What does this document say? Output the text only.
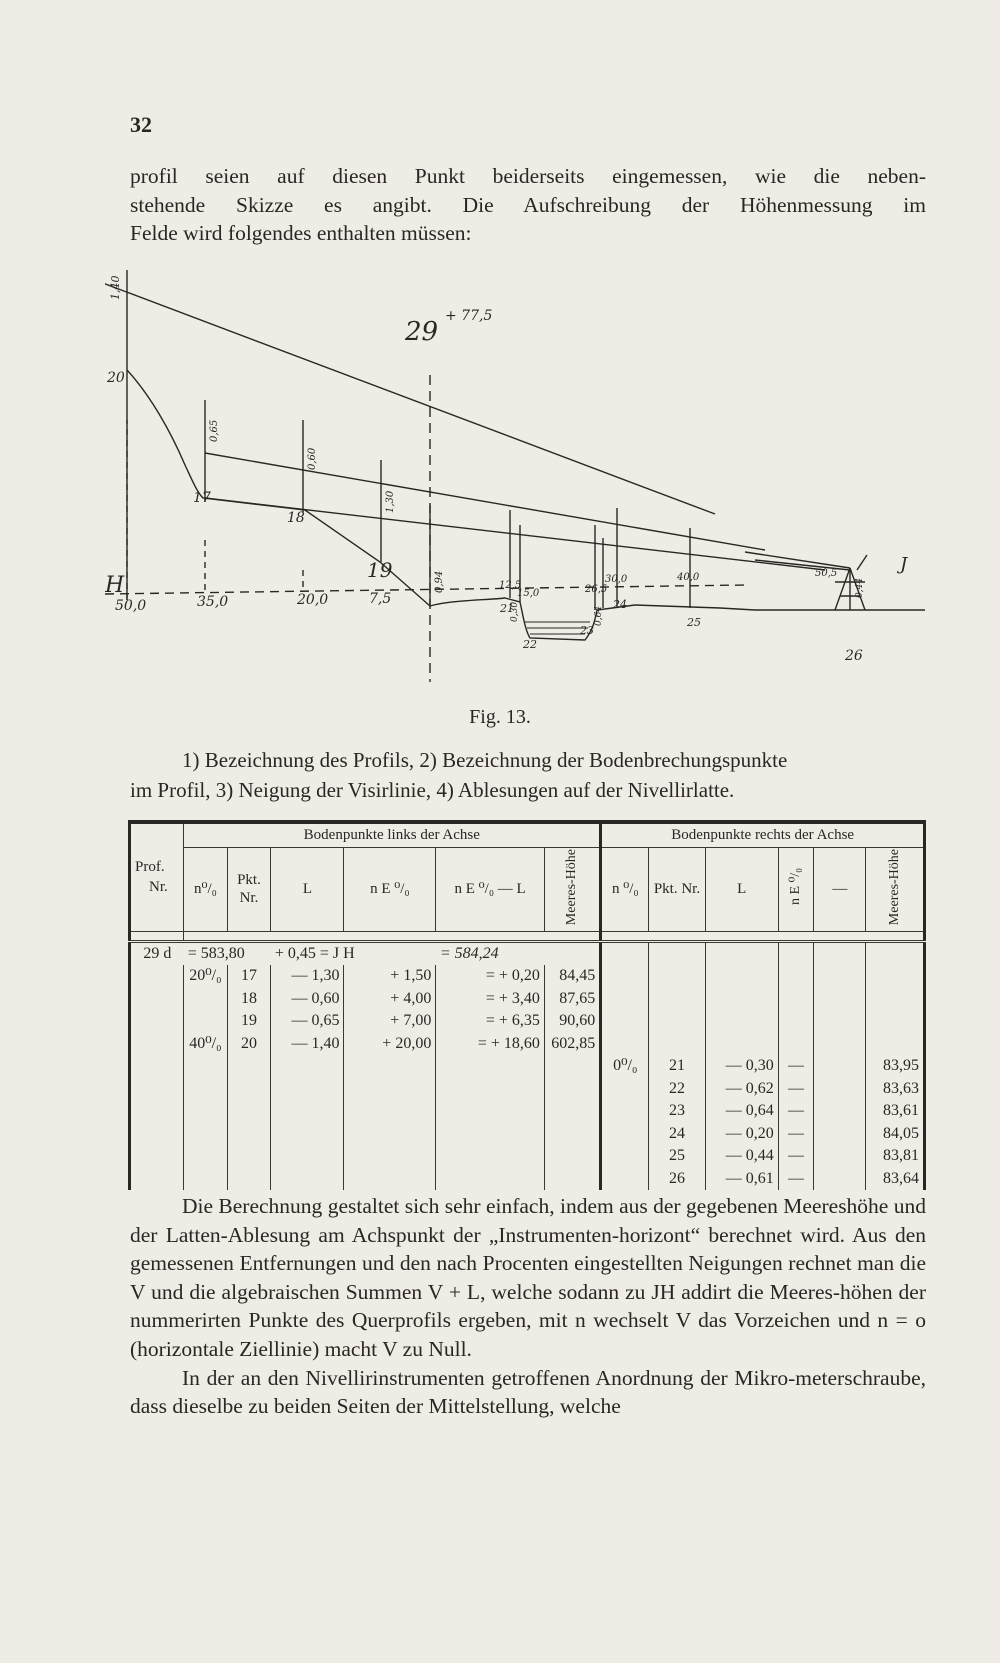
32

profil seien auf diesen Punkt beiderseits eingemessen, wie die neben-

stehende Skizze es angibt. Die Aufschreibung der Höhenmessung im

Felde wird folgendes enthalten müssen:

29
+ 77,5
1,40
20
H
50,0	35,0	20,0	7,5
17
18
19
21
22
23
24
25
26
J
12,5
15,0	26,5
30,0	40,0	50,5
0,65
0,60
1,30
0,94
0,30	0,64
0,44
Fig. 13.

1) Bezeichnung des Profils, 2) Bezeichnung der Bodenbrechungspunkte

im Profil, 3) Neigung der Visirlinie, 4) Ablesungen auf der Nivellirlatte.

Prof.
Nr.	Bodenpunkte links der Achse						Bodenpunkte rechts der Achse					
	n⁰/₀	Pkt. Nr.	L	n E ⁰/₀	n E ⁰/₀ — L	Meeres-Höhe	n ⁰/₀	Pkt. Nr.	L	n E ⁰/₀	—	Meeres-Höhe

29 d	= 583,80		+ 0,45 = J H		= 584,24							
	20⁰/₀	17	— 1,30	+ 1,50	= + 0,20	84,45						
		18	— 0,60	+ 4,00	= + 3,40	87,65						
		19	— 0,65	+ 7,00	= + 6,35	90,60						
	40⁰/₀	20	— 1,40	+ 20,00	= + 18,60	602,85						
							0⁰/₀	21	— 0,30	—		83,95
								22	— 0,62	—		83,63
								23	— 0,64	—		83,61
								24	— 0,20	—		84,05
								25	— 0,44	—		83,81
								26	— 0,61	—		83,64

Die Berechnung gestaltet sich sehr einfach, indem aus der gegebenen Meereshöhe und der Latten-Ablesung am Achspunkt der „Instrumenten-horizont“ berechnet wird. Aus den gemessenen Entfernungen und den nach Procenten eingestellten Neigungen rechnet man die V und die algebraischen Summen V + L, welche sodann zu JH addirt die Meeres-höhen der nummerirten Punkte des Querprofils ergeben, mit n wechselt V das Vorzeichen und n = o (horizontale Ziellinie) macht V zu Null.

In der an den Nivellirinstrumenten getroffenen Anordnung der Mikro-meterschraube, dass dieselbe zu beiden Seiten der Mittelstellung, welche
